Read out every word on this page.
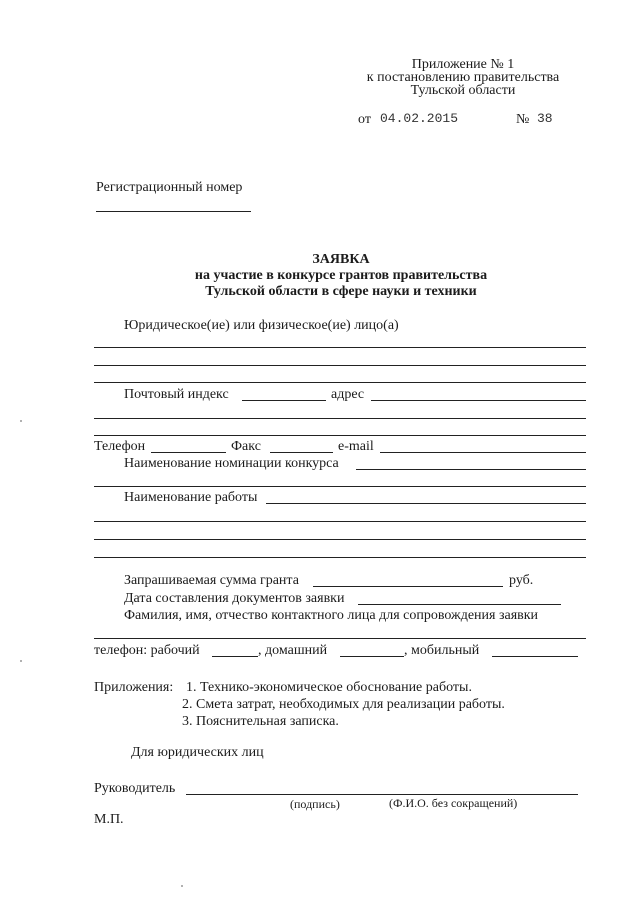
Приложение № 1
к постановлению правительства
Тульской области
от 04.02.2015	№ 38
Регистрационный номер
ЗАЯВКА
на участие в конкурсе грантов правительства
Тульской области в сфере науки и техники
Юридическое(ие) или физическое(ие) лицо(а)
Почтовый индекс	адрес
Телефон	Факс	e-mail
Наименование номинации конкурса
Наименование работы
Запрашиваемая сумма гранта	руб.
Дата составления документов заявки
Фамилия, имя, отчество контактного лица для сопровождения заявки
телефон: рабочий	, домашний	, мобильный
Приложения: 1. Технико-экономическое обоснование работы.
2. Смета затрат, необходимых для реализации работы.
3. Пояснительная записка.
Для юридических лиц
Руководитель
(подпись)	(Ф.И.О. без сокращений)
М.П.
